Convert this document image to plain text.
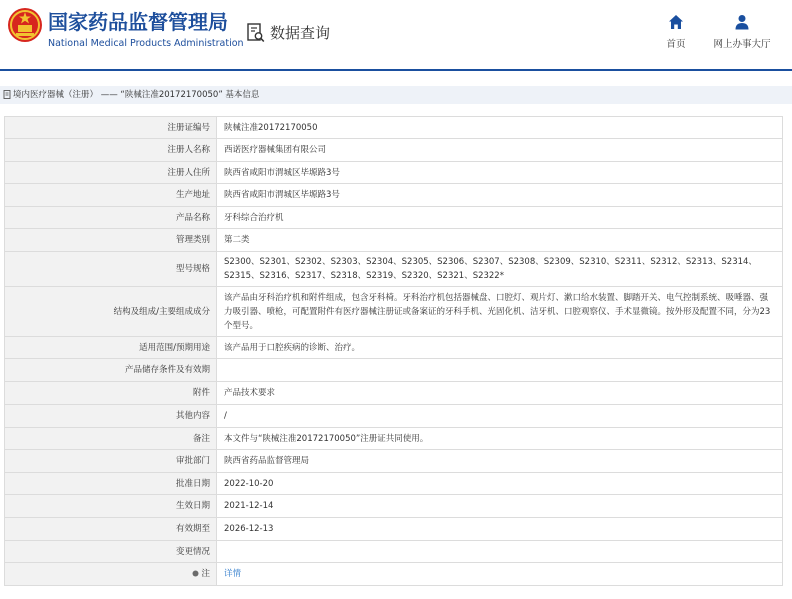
国家药品监督管理局
National Medical Products Administration
数据查询
首页	网上办事大厅
境内医疗器械（注册） —— “陕械注准20172170050” 基本信息
注册证编号	陕械注准20172170050
注册人名称	西诺医疗器械集团有限公司
注册人住所	陕西省咸阳市渭城区毕塬路3号
生产地址	陕西省咸阳市渭城区毕塬路3号
产品名称	牙科综合治疗机
管理类别	第二类
型号规格	S2300、S2301、S2302、S2303、S2304、S2305、S2306、S2307、S2308、S2309、S2310、S2311、S2312、S2313、S2314、S2315、S2316、S2317、S2318、S2319、S2320、S2321、S2322*
结构及组成/主要组成成分	该产品由牙科治疗机和附件组成，包含牙科椅。牙科治疗机包括器械盘、口腔灯、观片灯、漱口给水装置、脚踏开关、电气控制系统、吸唾器、强力吸引器、喷枪，可配置附件有医疗器械注册证或备案证的牙科手机、光固化机、洁牙机、口腔观察仪、手术显微镜。按外形及配置不同，分为23个型号。
适用范围/预期用途	该产品用于口腔疾病的诊断、治疗。
产品储存条件及有效期	
附件	产品技术要求
其他内容	/
备注	本文件与“陕械注准20172170050”注册证共同使用。
审批部门	陕西省药品监督管理局
批准日期	2022-10-20
生效日期	2021-12-14
有效期至	2026-12-13
变更情况	
注	详情
